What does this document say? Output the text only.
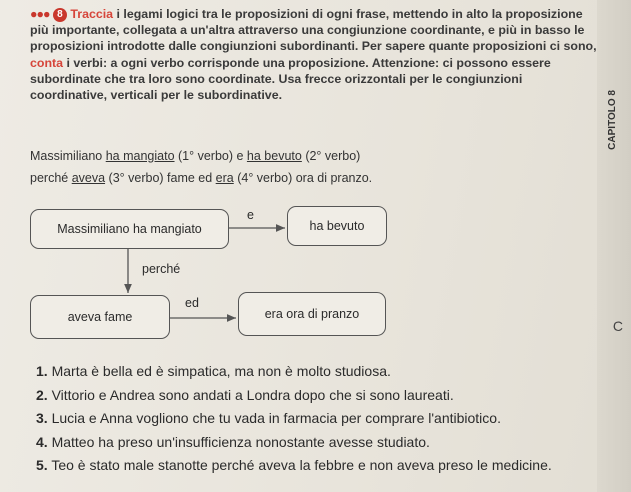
CAPITOLO 8
C
●●● 8 Traccia i legami logici tra le proposizioni di ogni frase, mettendo in alto la proposizione più importante, collegata a un'altra attraverso una congiunzione coordinante, e più in basso le proposizioni introdotte dalle congiunzioni subordinanti. Per sapere quante proposizioni ci sono, conta i verbi: a ogni verbo corrisponde una proposizione. Attenzione: ci possono essere subordinate che tra loro sono coordinate. Usa frecce orizzontali per le congiunzioni coordinative, verticali per le subordinative.
Massimiliano ha mangiato (1° verbo) e ha bevuto (2° verbo)
perché aveva (3° verbo) fame ed era (4° verbo) ora di pranzo.
Massimiliano ha mangiato	ha bevuto
aveva fame	era ora di pranzo
e
perché
ed
1. Marta è bella ed è simpatica, ma non è molto studiosa.
2. Vittorio e Andrea sono andati a Londra dopo che si sono laureati.
3. Lucia e Anna vogliono che tu vada in farmacia per comprare l'antibiotico.
4. Matteo ha preso un'insufficienza nonostante avesse studiato.
5. Teo è stato male stanotte perché aveva la febbre e non aveva preso le medicine.
